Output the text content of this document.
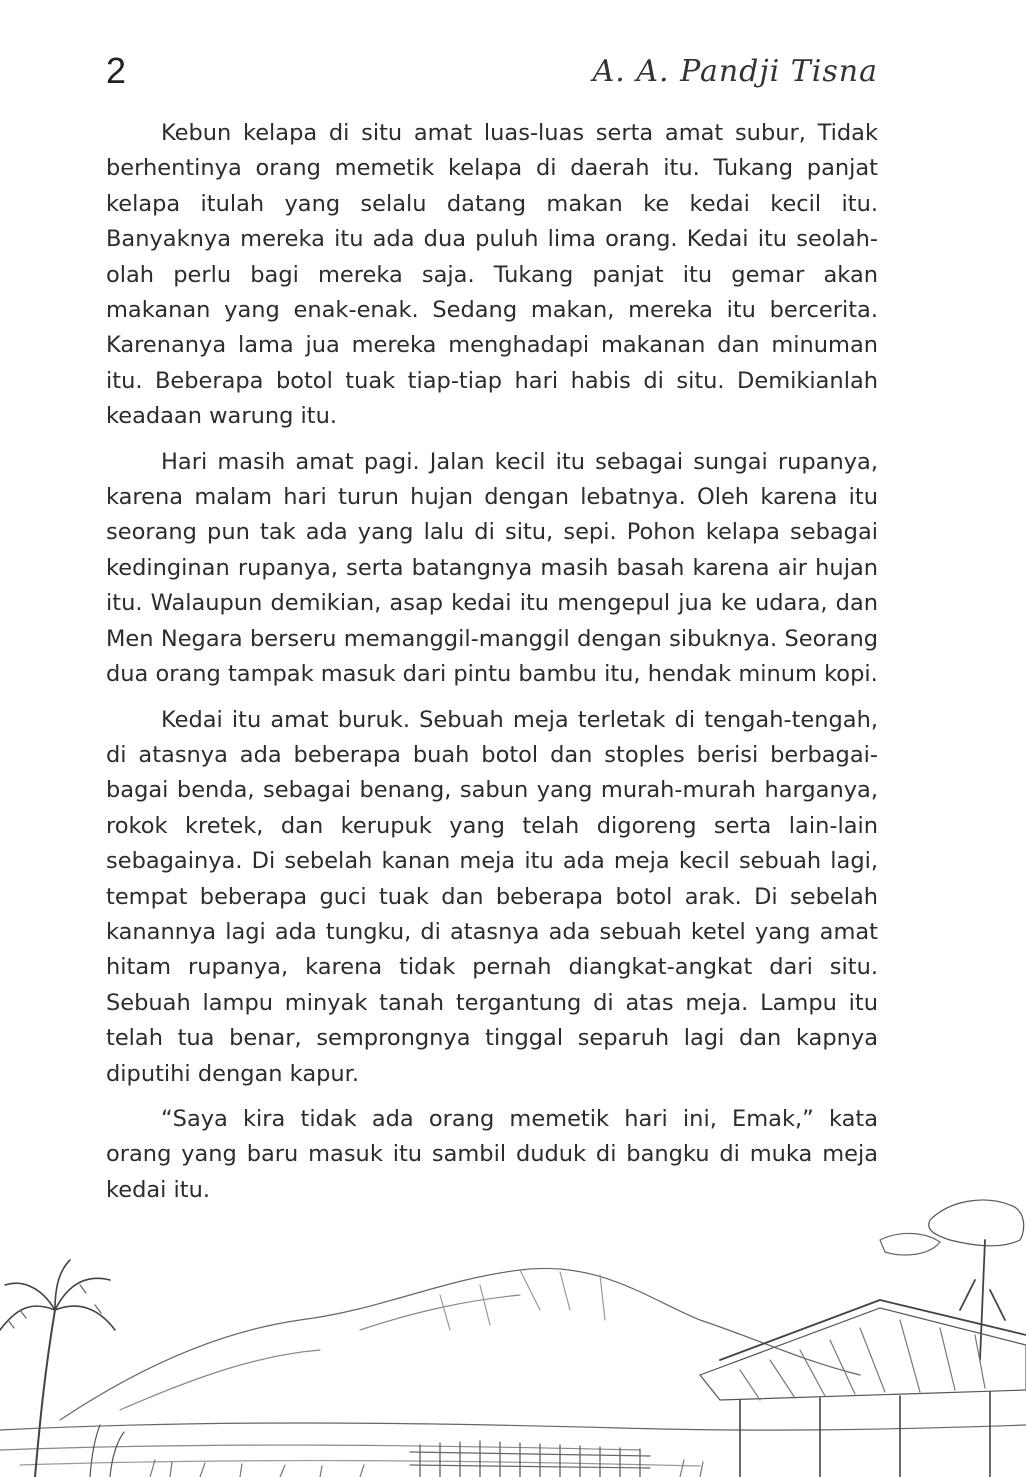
2	A. A. Pandji Tisna

Kebun kelapa di situ amat luas-luas serta amat subur, Tidak berhentinya orang memetik kelapa di daerah itu. Tukang panjat kelapa itulah yang selalu datang makan ke kedai kecil itu. Banyaknya mereka itu ada dua puluh lima orang. Kedai itu seolah-olah perlu bagi mereka saja. Tukang panjat itu gemar akan makanan yang enak-enak. Sedang makan, mereka itu bercerita. Karenanya lama jua mereka menghadapi makanan dan minuman itu. Beberapa botol tuak tiap-tiap hari habis di situ. Demikianlah keadaan warung itu.

Hari masih amat pagi. Jalan kecil itu sebagai sungai rupanya, karena malam hari turun hujan dengan lebatnya. Oleh karena itu seorang pun tak ada yang lalu di situ, sepi. Pohon kelapa sebagai kedinginan rupanya, serta batangnya masih basah karena air hujan itu. Walaupun demikian, asap kedai itu mengepul jua ke udara, dan Men Negara berseru memanggil-manggil dengan sibuknya. Seorang dua orang tampak masuk dari pintu bambu itu, hendak minum kopi.

Kedai itu amat buruk. Sebuah meja terletak di tengah-tengah, di atasnya ada beberapa buah botol dan stoples berisi berbagai-bagai benda, sebagai benang, sabun yang murah-murah harganya, rokok kretek, dan kerupuk yang telah digoreng serta lain-lain sebagainya. Di sebelah kanan meja itu ada meja kecil sebuah lagi, tempat beberapa guci tuak dan beberapa botol arak. Di sebelah kanannya lagi ada tungku, di atasnya ada sebuah ketel yang amat hitam rupanya, karena tidak pernah diangkat-angkat dari situ. Sebuah lampu minyak tanah tergantung di atas meja. Lampu itu telah tua benar, semprongnya tinggal separuh lagi dan kapnya diputihi dengan kapur.

“Saya kira tidak ada orang memetik hari ini, Emak,” kata orang yang baru masuk itu sambil duduk di bangku di muka meja kedai itu.
